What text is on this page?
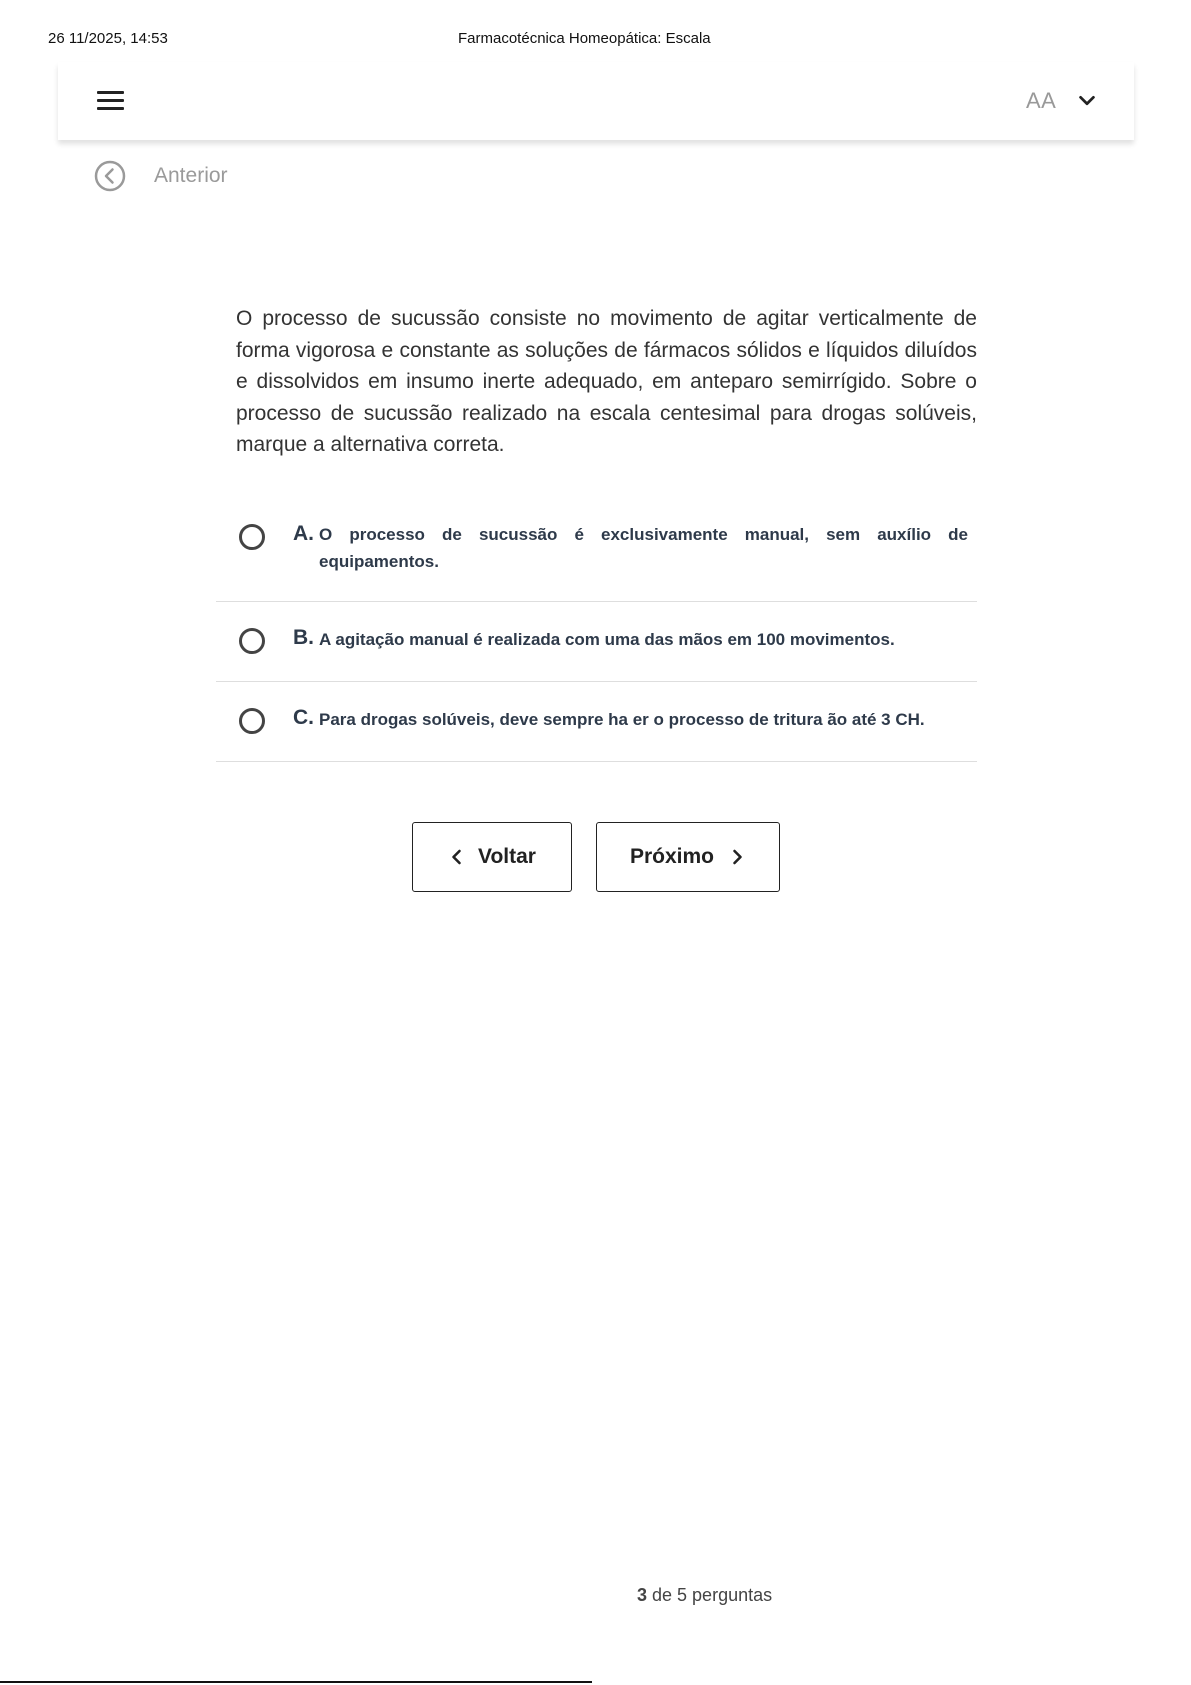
26 11/2025, 14:53	Farmacotécnica Homeopática: Escala
AA
Anterior
O processo de sucussão consiste no movimento de agitar verticalmente de forma vigorosa e constante as soluções de fármacos sólidos e líquidos diluídos e dissolvidos em insumo inerte adequado, em anteparo semirrígido. Sobre o processo de sucussão realizado na escala centesimal para drogas solúveis, marque a alternativa correta.
A. O processo de sucussão é exclusivamente manual, sem auxílio de equipamentos.
B. A agitação manual é realizada com uma das mãos em 100 movimentos.
C. Para drogas solúveis, deve sempre ha er o processo de tritura ão até 3 CH.
Voltar	Próximo
3 de 5 perguntas
